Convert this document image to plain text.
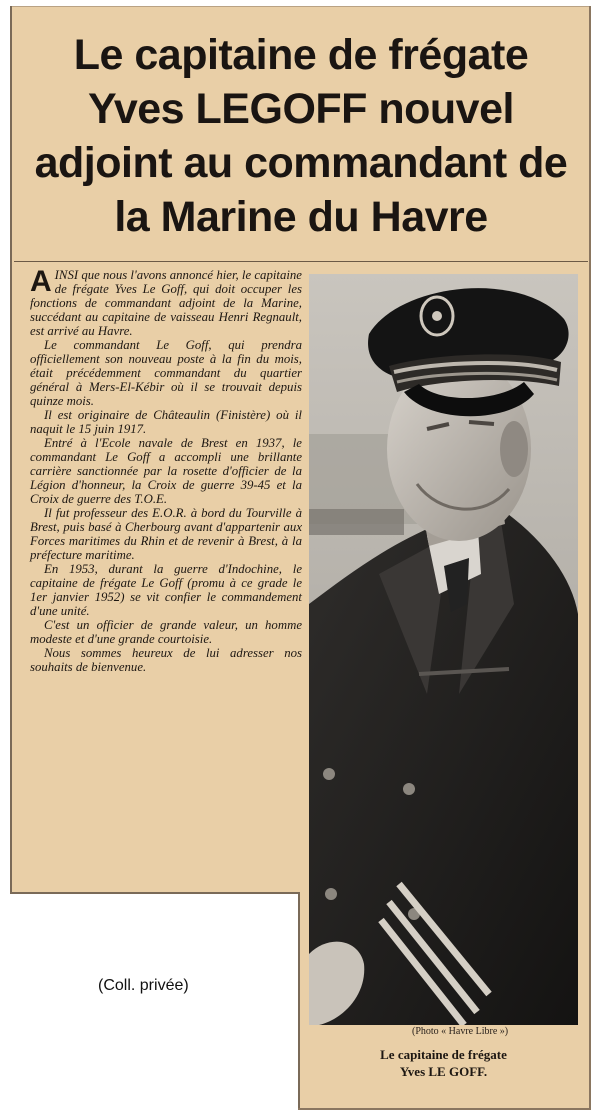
Le capitaine de frégate
Yves LEGOFF nouvel
adjoint au commandant de
la Marine du Havre

AINSI que nous l'avons annoncé hier, le capitaine de frégate Yves Le Goff, qui doit occuper les fonctions de commandant adjoint de la Marine, succédant au capitaine de vaisseau Henri Regnault, est arrivé au Havre.

Le commandant Le Goff, qui prendra officiellement son nouveau poste à la fin du mois, était précédemment commandant du quartier général à Mers-El-Kébir où il se trouvait depuis quinze mois.

Il est originaire de Châteaulin (Finistère) où il naquit le 15 juin 1917.

Entré à l'Ecole navale de Brest en 1937, le commandant Le Goff a accompli une brillante carrière sanctionnée par la rosette d'officier de la Légion d'honneur, la Croix de guerre 39-45 et la Croix de guerre des T.O.E.

Il fut professeur des E.O.R. à bord du Tourville à Brest, puis basé à Cherbourg avant d'appartenir aux Forces maritimes du Rhin et de revenir à Brest, à la préfecture maritime.

En 1953, durant la guerre d'Indochine, le capitaine de frégate Le Goff (promu à ce grade le 1er janvier 1952) se vit confier le commandement d'une unité.

C'est un officier de grande valeur, un homme modeste et d'une grande courtoisie.

Nous sommes heureux de lui adresser nos souhaits de bienvenue.

(Photo « Havre Libre »)
Le capitaine de frégate
Yves LE GOFF.
(Coll. privée)
